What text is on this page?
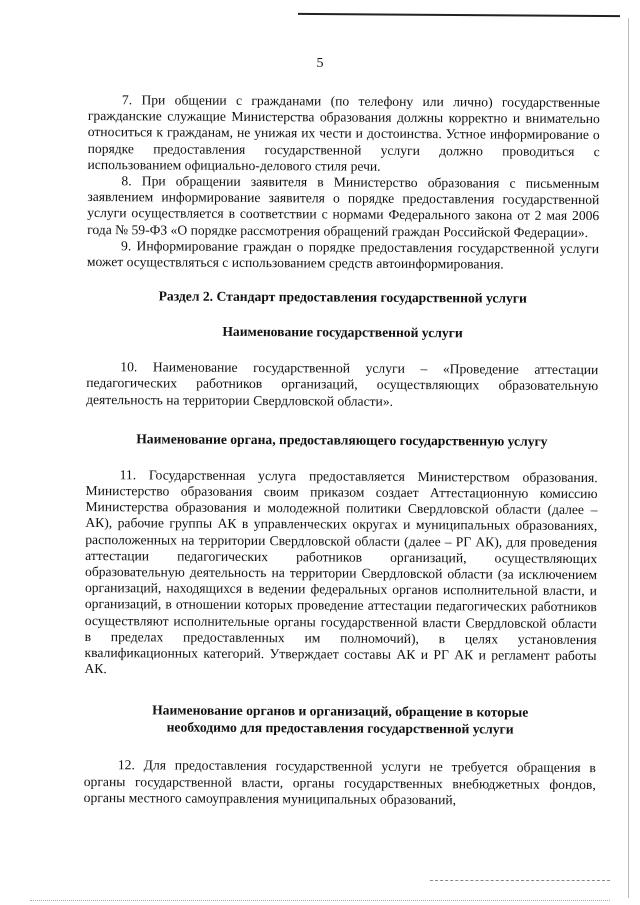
5

7. При общении с гражданами (по телефону или лично) государственные гражданские служащие Министерства образования должны корректно и внимательно относиться к гражданам, не унижая их чести и достоинства. Устное информирование о порядке предоставления государственной услуги должно проводиться с использованием официально-делового стиля речи.

8. При обращении заявителя в Министерство образования с письменным заявлением информирование заявителя о порядке предоставления государственной услуги осуществляется в соответствии с нормами Федерального закона от 2 мая 2006 года № 59-ФЗ «О порядке рассмотрения обращений граждан Российской Федерации».

9. Информирование граждан о порядке предоставления государственной услуги может осуществляться с использованием средств автоинформирования.

Раздел 2. Стандарт предоставления государственной услуги
Наименование государственной услуги

10. Наименование государственной услуги – «Проведение аттестации педагогических работников организаций, осуществляющих образовательную деятельность на территории Свердловской области».

Наименование органа, предоставляющего государственную услугу

11. Государственная услуга предоставляется Министерством образования. Министерство образования своим приказом создает Аттестационную комиссию Министерства образования и молодежной политики Свердловской области (далее – АК), рабочие группы АК в управленческих округах и муниципальных образованиях, расположенных на территории Свердловской области (далее – РГ АК), для проведения аттестации педагогических работников организаций, осуществляющих образовательную деятельность на территории Свердловской области (за исключением организаций, находящихся в ведении федеральных органов исполнительной власти, и организаций, в отношении которых проведение аттестации педагогических работников осуществляют исполнительные органы государственной власти Свердловской области в пределах предоставленных им полномочий), в целях установления квалификационных категорий. Утверждает составы АК и РГ АК и регламент работы АК.

Наименование органов и организаций, обращение в которые
необходимо для предоставления государственной услуги

12. Для предоставления государственной услуги не требуется обращения в органы государственной власти, органы государственных внебюджетных фондов, органы местного самоуправления муниципальных образований,
